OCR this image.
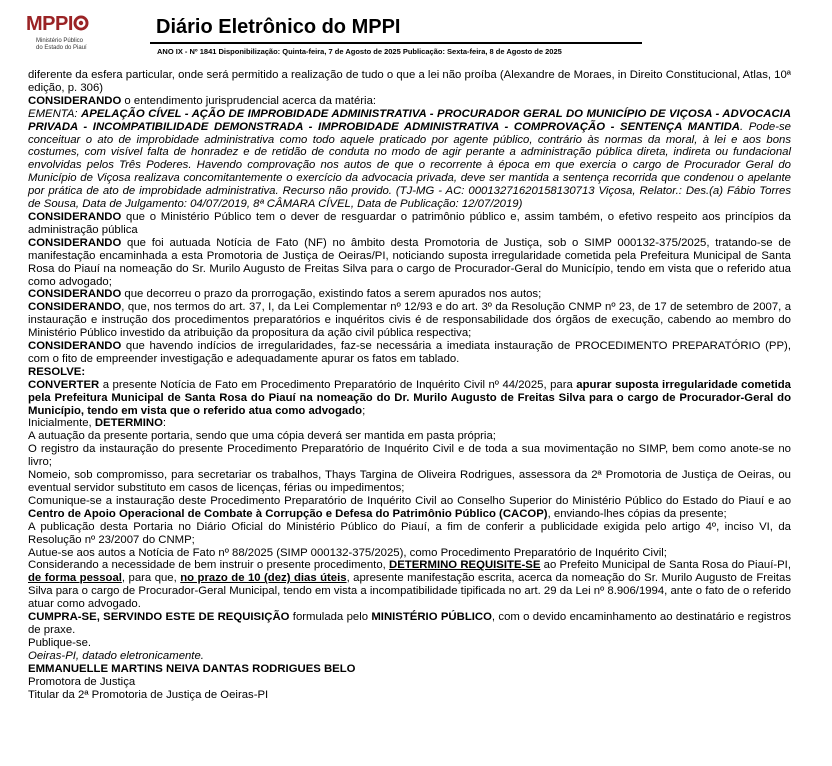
MPPI
Ministério Público
do Estado do Piauí
Diário Eletrônico do MPPI
ANO IX - Nº 1841 Disponibilização: Quinta-feira, 7 de Agosto de 2025 Publicação: Sexta-feira, 8 de Agosto de 2025

diferente da esfera particular, onde será permitido a realização de tudo o que a lei não proíba (Alexandre de Moraes, in Direito Constitucional, Atlas, 10ª edição, p. 306)

CONSIDERANDO o entendimento jurisprudencial acerca da matéria:

EMENTA: APELAÇÃO CÍVEL - AÇÃO DE IMPROBIDADE ADMINISTRATIVA - PROCURADOR GERAL DO MUNICÍPIO DE VIÇOSA - ADVOCACIA PRIVADA - INCOMPATIBILIDADE DEMONSTRADA - IMPROBIDADE ADMINISTRATIVA - COMPROVAÇÃO - SENTENÇA MANTIDA. Pode-se conceituar o ato de improbidade administrativa como todo aquele praticado por agente público, contrário às normas da moral, à lei e aos bons costumes, com visível falta de honradez e de retidão de conduta no modo de agir perante a administração pública direta, indireta ou fundacional envolvidas pelos Três Poderes. Havendo comprovação nos autos de que o recorrente à época em que exercia o cargo de Procurador Geral do Município de Viçosa realizava concomitantemente o exercício da advocacia privada, deve ser mantida a sentença recorrida que condenou o apelante por prática de ato de improbidade administrativa. Recurso não provido. (TJ-MG - AC: 00013271620158130713 Viçosa, Relator.: Des.(a) Fábio Torres de Sousa, Data de Julgamento: 04/07/2019, 8ª CÂMARA CÍVEL, Data de Publicação: 12/07/2019)

CONSIDERANDO que o Ministério Público tem o dever de resguardar o patrimônio público e, assim também, o efetivo respeito aos princípios da administração pública

CONSIDERANDO que foi autuada Notícia de Fato (NF) no âmbito desta Promotoria de Justiça, sob o SIMP 000132-375/2025, tratando-se de manifestação encaminhada a esta Promotoria de Justiça de Oeiras/PI, noticiando suposta irregularidade cometida pela Prefeitura Municipal de Santa Rosa do Piauí na nomeação do Sr. Murilo Augusto de Freitas Silva para o cargo de Procurador-Geral do Município, tendo em vista que o referido atua como advogado;

CONSIDERANDO que decorreu o prazo da prorrogação, existindo fatos a serem apurados nos autos;

CONSIDERANDO, que, nos termos do art. 37, I, da Lei Complementar nº 12/93 e do art. 3º da Resolução CNMP nº 23, de 17 de setembro de 2007, a instauração e instrução dos procedimentos preparatórios e inquéritos civis é de responsabilidade dos órgãos de execução, cabendo ao membro do Ministério Público investido da atribuição da propositura da ação civil pública respectiva;

CONSIDERANDO que havendo indícios de irregularidades, faz-se necessária a imediata instauração de PROCEDIMENTO PREPARATÓRIO (PP), com o fito de empreender investigação e adequadamente apurar os fatos em tablado.

RESOLVE:

CONVERTER a presente Notícia de Fato em Procedimento Preparatório de Inquérito Civil nº 44/2025, para apurar suposta irregularidade cometida pela Prefeitura Municipal de Santa Rosa do Piauí na nomeação do Dr. Murilo Augusto de Freitas Silva para o cargo de Procurador-Geral do Município, tendo em vista que o referido atua como advogado;

Inicialmente, DETERMINO:

A autuação da presente portaria, sendo que uma cópia deverá ser mantida em pasta própria;

O registro da instauração do presente Procedimento Preparatório de Inquérito Civil e de toda a sua movimentação no SIMP, bem como anote-se no livro;

Nomeio, sob compromisso, para secretariar os trabalhos, Thays Targina de Oliveira Rodrigues, assessora da 2ª Promotoria de Justiça de Oeiras, ou eventual servidor substituto em casos de licenças, férias ou impedimentos;

Comunique-se a instauração deste Procedimento Preparatório de Inquérito Civil ao Conselho Superior do Ministério Público do Estado do Piauí e ao Centro de Apoio Operacional de Combate à Corrupção e Defesa do Patrimônio Público (CACOP), enviando-lhes cópias da presente;

A publicação desta Portaria no Diário Oficial do Ministério Público do Piauí, a fim de conferir a publicidade exigida pelo artigo 4º, inciso VI, da Resolução nº 23/2007 do CNMP;

Autue-se aos autos a Notícia de Fato nº 88/2025 (SIMP 000132-375/2025), como Procedimento Preparatório de Inquérito Civil;

Considerando a necessidade de bem instruir o presente procedimento, DETERMINO REQUISITE-SE ao Prefeito Municipal de Santa Rosa do Piauí-PI, de forma pessoal, para que, no prazo de 10 (dez) dias úteis, apresente manifestação escrita, acerca da nomeação do Sr. Murilo Augusto de Freitas Silva para o cargo de Procurador-Geral Municipal, tendo em vista a incompatibilidade tipificada no art. 29 da Lei nº 8.906/1994, ante o fato de o referido atuar como advogado.

CUMPRA-SE, SERVINDO ESTE DE REQUISIÇÃO formulada pelo MINISTÉRIO PÚBLICO, com o devido encaminhamento ao destinatário e registros de praxe.

Publique-se.

Oeiras-PI, datado eletronicamente.

EMMANUELLE MARTINS NEIVA DANTAS RODRIGUES BELO

Promotora de Justiça

Titular da 2ª Promotoria de Justiça de Oeiras-PI
